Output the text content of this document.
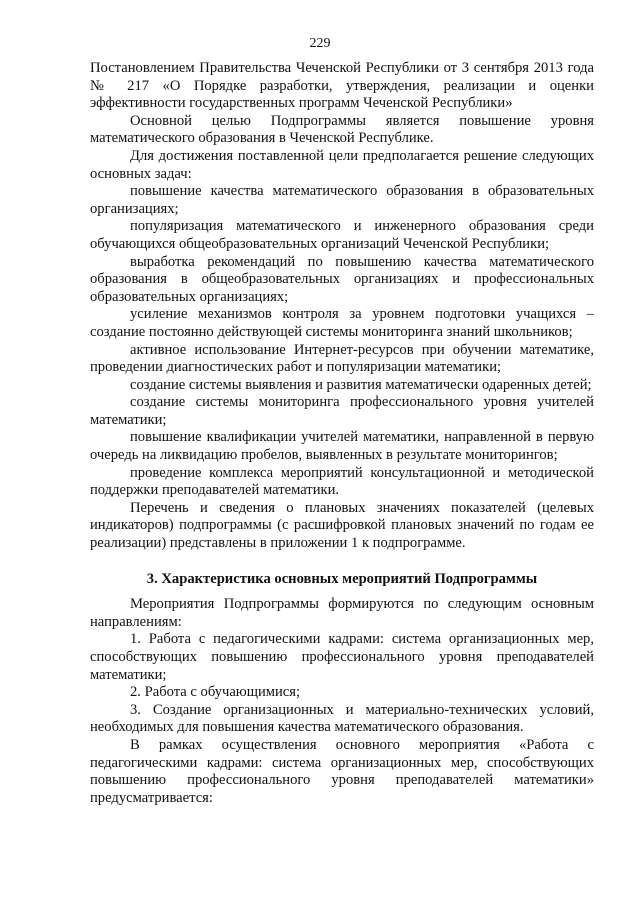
229

Постановлением Правительства Чеченской Республики от 3 сентября 2013 года № 217 «О Порядке разработки, утверждения, реализации и оценки эффективности государственных программ Чеченской Республики»

Основной целью Подпрограммы является повышение уровня математического образования в Чеченской Республике.

Для достижения поставленной цели предполагается решение следующих основных задач:

повышение качества математического образования в образовательных организациях;

популяризация математического и инженерного образования среди обучающихся общеобразовательных организаций Чеченской Республики;

выработка рекомендаций по повышению качества математического образования в общеобразовательных организациях и профессиональных образовательных организациях;

усиление механизмов контроля за уровнем подготовки учащихся – создание постоянно действующей системы мониторинга знаний школьников;

активное использование Интернет-ресурсов при обучении математике, проведении диагностических работ и популяризации математики;

создание системы выявления и развития математически одаренных детей;

создание системы мониторинга профессионального уровня учителей математики;

повышение квалификации учителей математики, направленной в первую очередь на ликвидацию пробелов, выявленных в результате мониторингов;

проведение комплекса мероприятий консультационной и методической поддержки преподавателей математики.

Перечень и сведения о плановых значениях показателей (целевых индикаторов) подпрограммы (с расшифровкой плановых значений по годам ее реализации) представлены в приложении 1 к подпрограмме.

3. Характеристика основных мероприятий Подпрограммы

Мероприятия Подпрограммы формируются по следующим основным направлениям:

1. Работа с педагогическими кадрами: система организационных мер, способствующих повышению профессионального уровня преподавателей математики;

2. Работа с обучающимися;

3. Создание организационных и материально-технических условий, необходимых для повышения качества математического образования.

В рамках осуществления основного мероприятия «Работа с педагогическими кадрами: система организационных мер, способствующих повышению профессионального уровня преподавателей математики» предусматривается:
